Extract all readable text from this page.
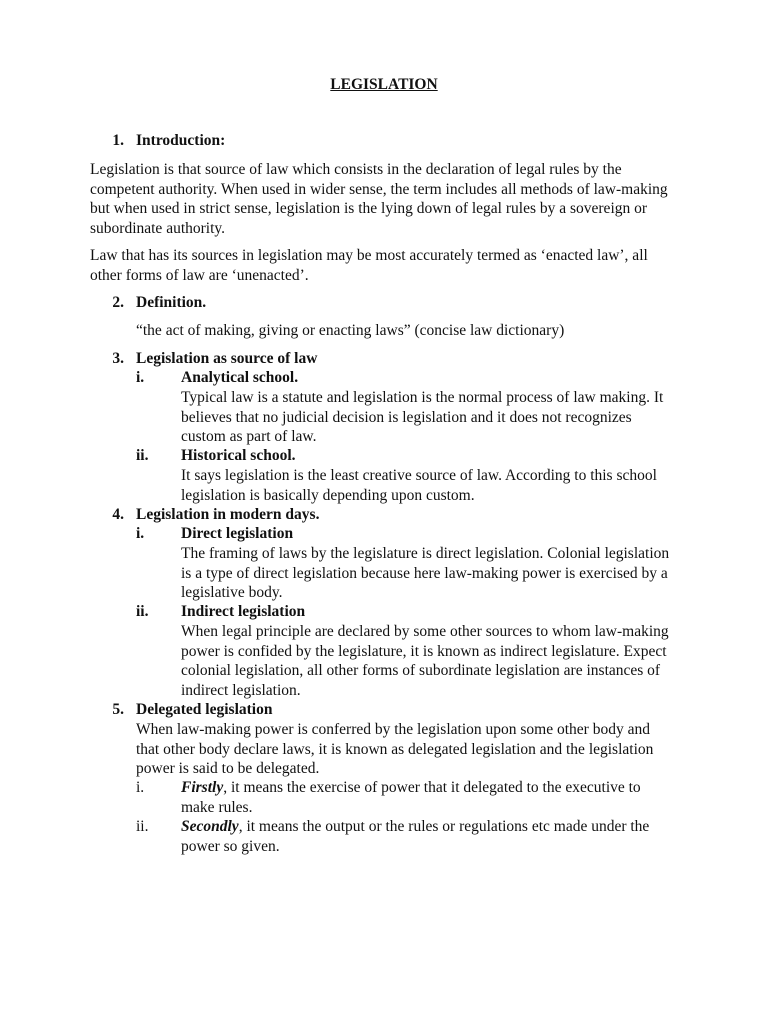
LEGISLATION
1. Introduction:
Legislation is that source of law which consists in the declaration of legal rules by the competent authority. When used in wider sense, the term includes all methods of law-making but when used in strict sense, legislation is the lying down of legal rules by a sovereign or subordinate authority.
Law that has its sources in legislation may be most accurately termed as ‘enacted law’, all other forms of law are ‘unenacted’.
2. Definition.
“the act of making, giving or enacting laws” (concise law dictionary)
3. Legislation as source of law
i. Analytical school.
Typical law is a statute and legislation is the normal process of law making. It believes that no judicial decision is legislation and it does not recognizes custom as part of law.
ii. Historical school.
It says legislation is the least creative source of law. According to this school legislation is basically depending upon custom.
4. Legislation in modern days.
i. Direct legislation
The framing of laws by the legislature is direct legislation. Colonial legislation is a type of direct legislation because here law-making power is exercised by a legislative body.
ii. Indirect legislation
When legal principle are declared by some other sources to whom law-making power is confided by the legislature, it is known as indirect legislature. Expect colonial legislation, all other forms of subordinate legislation are instances of indirect legislation.
5. Delegated legislation
When law-making power is conferred by the legislation upon some other body and that other body declare laws, it is known as delegated legislation and the legislation power is said to be delegated.
i. Firstly, it means the exercise of power that it delegated to the executive to make rules.
ii. Secondly, it means the output or the rules or regulations etc made under the power so given.
